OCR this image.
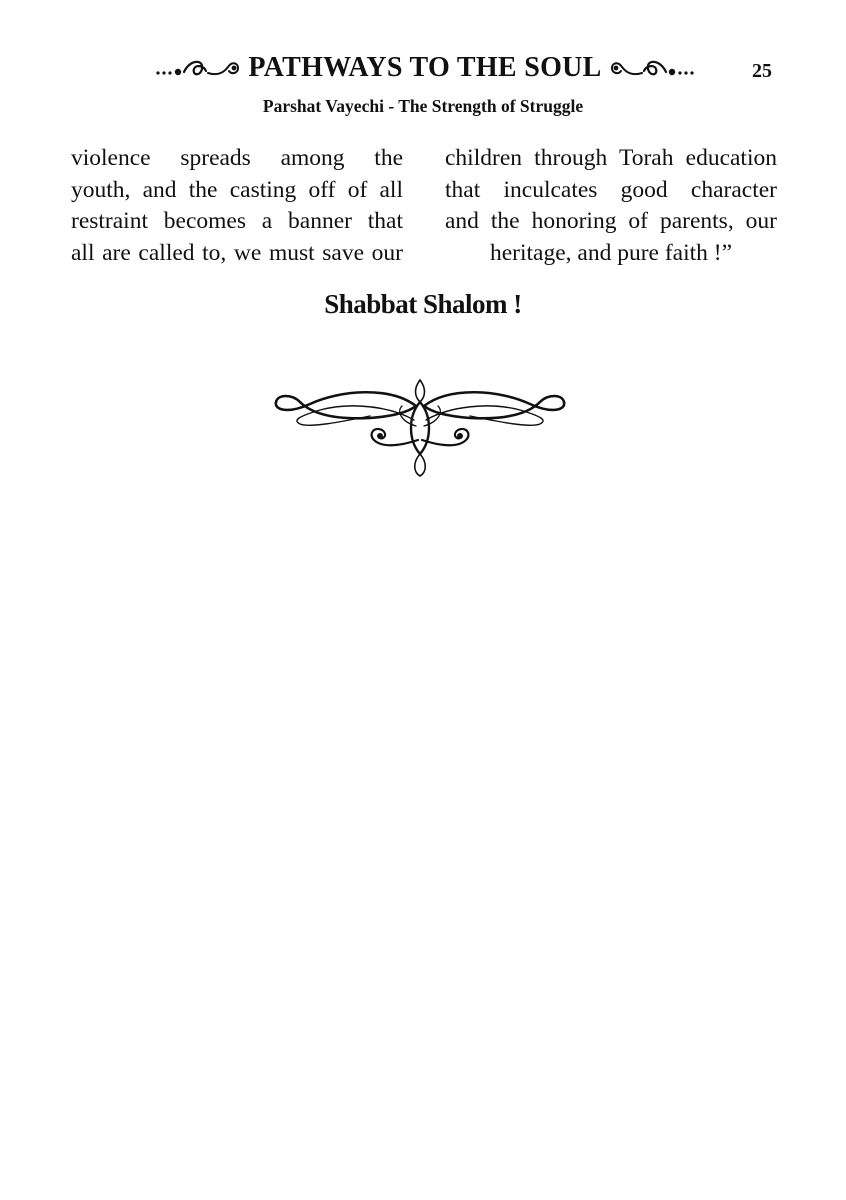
PATHWAYS TO THE SOUL	25
Parshat Vayechi - The Strength of Struggle
violence spreads among the
youth, and the casting off of all
restraint becomes a banner that
all are called to, we must save our
children through Torah education
that inculcates good character
and the honoring of parents, our
heritage, and pure faith !”
Shabbat Shalom !
